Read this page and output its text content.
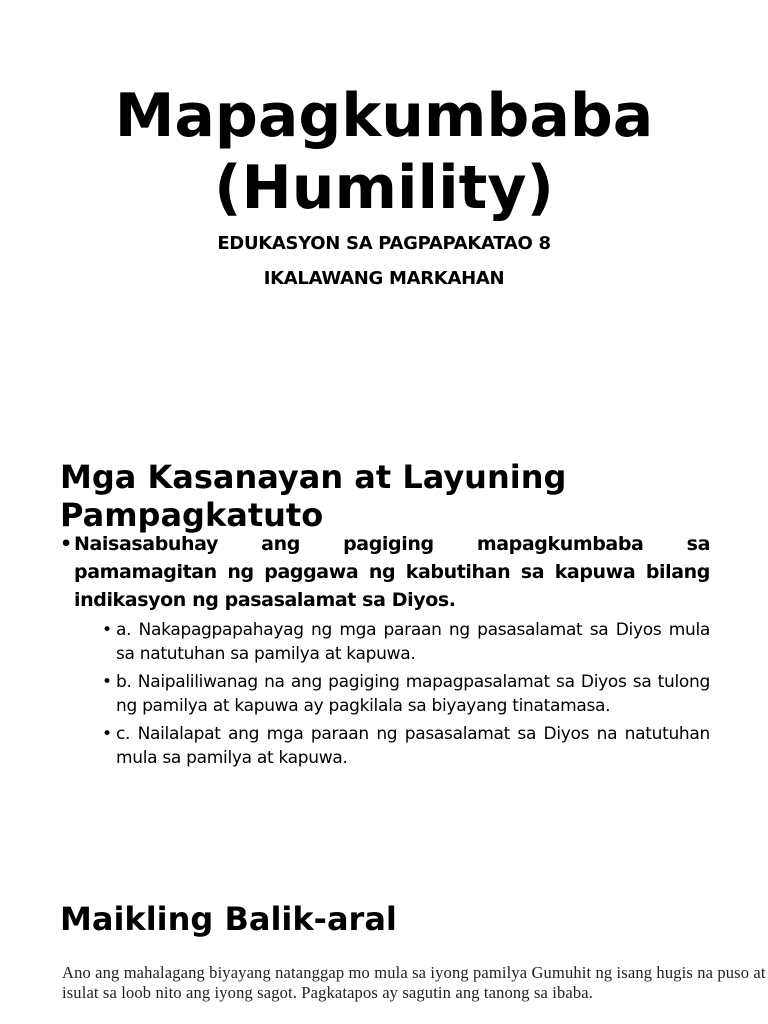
Mapagkumbaba (Humility)

EDUKASYON SA PAGPAPAKATAO 8

IKALAWANG MARKAHAN

Mga Kasanayan at Layuning Pampagkatuto
• Naisasabuhay ang pagiging mapagkumbaba sa pamamagitan ng paggawa ng kabutihan sa kapuwa bilang indikasyon ng pasasalamat sa Diyos.
• a. Nakapagpapahayag ng mga paraan ng pasasalamat sa Diyos mula sa natutuhan sa pamilya at kapuwa.
• b. Naipaliliwanag na ang pagiging mapagpasalamat sa Diyos sa tulong ng pamilya at kapuwa ay pagkilala sa biyayang tinatamasa.
• c. Nailalapat ang mga paraan ng pasasalamat sa Diyos na natutuhan mula sa pamilya at kapuwa.
Maikling Balik-aral

Ano ang mahalagang biyayang natanggap mo mula sa iyong pamilya Gumuhit ng isang hugis na puso at isulat sa loob nito ang iyong sagot. Pagkatapos ay sagutin ang tanong sa ibaba.
